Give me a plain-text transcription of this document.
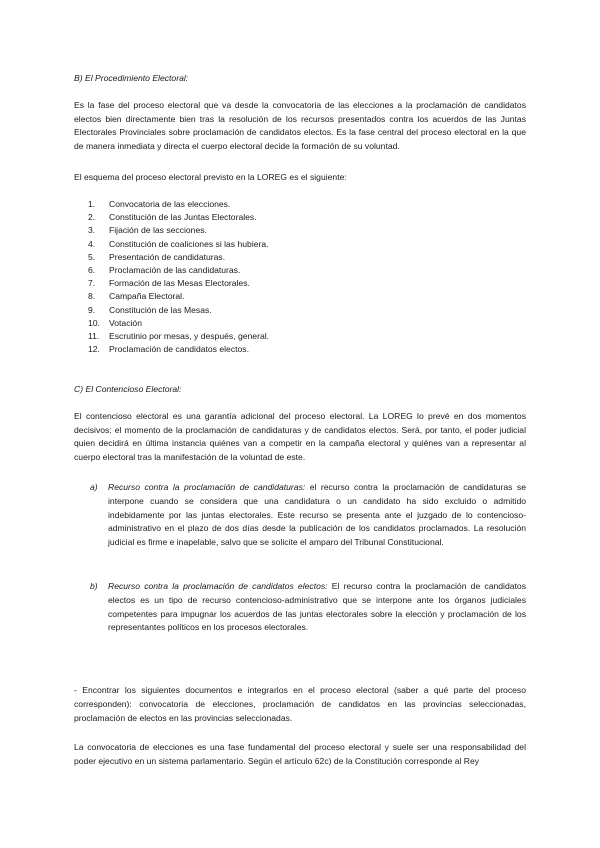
B) El Procedimiento Electoral:

Es la fase del proceso electoral que va desde la convocatoria de las elecciones a la proclamación de candidatos electos bien directamente bien tras la resolución de los recursos presentados contra los acuerdos de las Juntas Electorales Provinciales sobre proclamación de candidatos electos. Es la fase central del proceso electoral en la que de manera inmediata y directa el cuerpo electoral decide la formación de su voluntad.

El esquema del proceso electoral previsto en la LOREG es el siguiente:

1. Convocatoria de las elecciones.
2. Constitución de las Juntas Electorales.
3. Fijación de las secciones.
4. Constitución de coaliciones si las hubiera.
5. Presentación de candidaturas.
6. Proclamación de las candidaturas.
7. Formación de las Mesas Electorales.
8. Campaña Electoral.
9. Constitución de las Mesas.
10. Votación
11. Escrutinio por mesas, y después, general.
12. Proclamación de candidatos electos.

C) El Contencioso Electoral:

El contencioso electoral es una garantía adicional del proceso electoral. La LOREG lo prevé en dos momentos decisivos: el momento de la proclamación de candidaturas y de candidatos electos. Será, por tanto, el poder judicial quien decidirá en última instancia quiénes van a competir en la campaña electoral y quiénes van a representar al cuerpo electoral tras la manifestación de la voluntad de este.

a) Recurso contra la proclamación de candidaturas: el recurso contra la proclamación de candidaturas se interpone cuando se considera que una candidatura o un candidato ha sido excluido o admitido indebidamente por las juntas electorales. Este recurso se presenta ante el juzgado de lo contencioso-administrativo en el plazo de dos días desde la publicación de los candidatos proclamados. La resolución judicial es firme e inapelable, salvo que se solicite el amparo del Tribunal Constitucional.
b) Recurso contra la proclamación de candidatos electos: El recurso contra la proclamación de candidatos electos es un tipo de recurso contencioso-administrativo que se interpone ante los órganos judiciales competentes para impugnar los acuerdos de las juntas electorales sobre la elección y proclamación de los representantes políticos en los procesos electorales.

- Encontrar los siguientes documentos e integrarlos en el proceso electoral (saber a qué parte del proceso corresponden): convocatoria de elecciones, proclamación de candidatos en las provincias seleccionadas, proclamación de electos en las provincias seleccionadas.

La convocatoria de elecciones es una fase fundamental del proceso electoral y suele ser una responsabilidad del poder ejecutivo en un sistema parlamentario. Según el artículo 62c) de la Constitución corresponde al Rey
